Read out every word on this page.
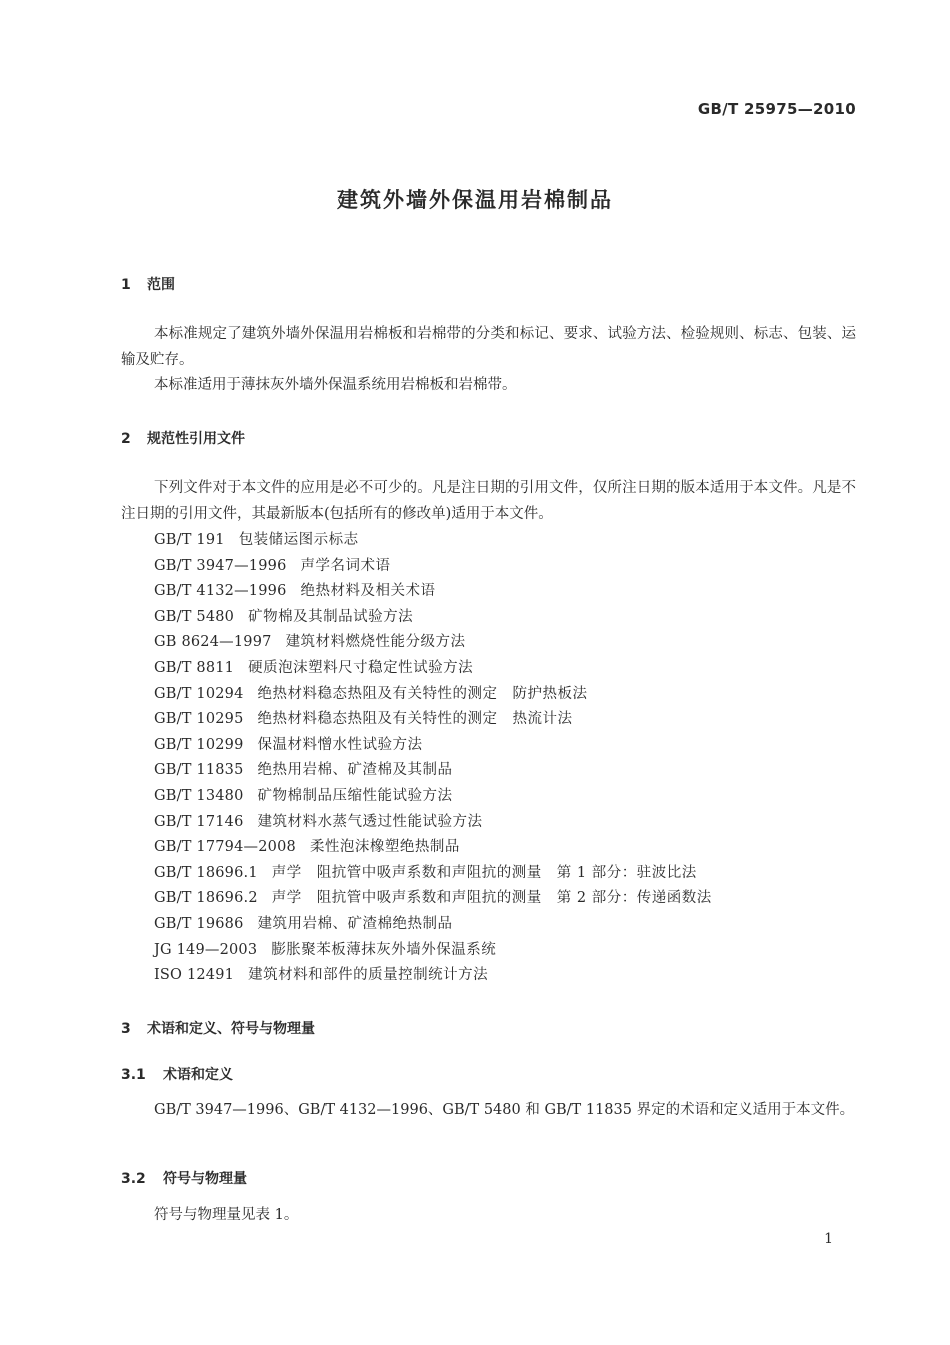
GB/T 25975—2010
建筑外墙外保温用岩棉制品
1 范围
本标准规定了建筑外墙外保温用岩棉板和岩棉带的分类和标记、要求、试验方法、检验规则、标志、包装、运输及贮存。
本标准适用于薄抹灰外墙外保温系统用岩棉板和岩棉带。
2 规范性引用文件
下列文件对于本文件的应用是必不可少的。凡是注日期的引用文件，仅所注日期的版本适用于本文件。凡是不注日期的引用文件，其最新版本(包括所有的修改单)适用于本文件。
GB/T 191 包装储运图示标志
GB/T 3947—1996 声学名词术语
GB/T 4132—1996 绝热材料及相关术语
GB/T 5480 矿物棉及其制品试验方法
GB 8624—1997 建筑材料燃烧性能分级方法
GB/T 8811 硬质泡沫塑料尺寸稳定性试验方法
GB/T 10294 绝热材料稳态热阻及有关特性的测定　防护热板法
GB/T 10295 绝热材料稳态热阻及有关特性的测定　热流计法
GB/T 10299 保温材料憎水性试验方法
GB/T 11835 绝热用岩棉、矿渣棉及其制品
GB/T 13480 矿物棉制品压缩性能试验方法
GB/T 17146 建筑材料水蒸气透过性能试验方法
GB/T 17794—2008 柔性泡沫橡塑绝热制品
GB/T 18696.1 声学　阻抗管中吸声系数和声阻抗的测量　第 1 部分：驻波比法
GB/T 18696.2 声学　阻抗管中吸声系数和声阻抗的测量　第 2 部分：传递函数法
GB/T 19686 建筑用岩棉、矿渣棉绝热制品
JG 149—2003 膨胀聚苯板薄抹灰外墙外保温系统
ISO 12491 建筑材料和部件的质量控制统计方法
3 术语和定义、符号与物理量
3.1 术语和定义
GB/T 3947—1996、GB/T 4132—1996、GB/T 5480 和 GB/T 11835 界定的术语和定义适用于本文件。
3.2 符号与物理量
符号与物理量见表 1。
1
